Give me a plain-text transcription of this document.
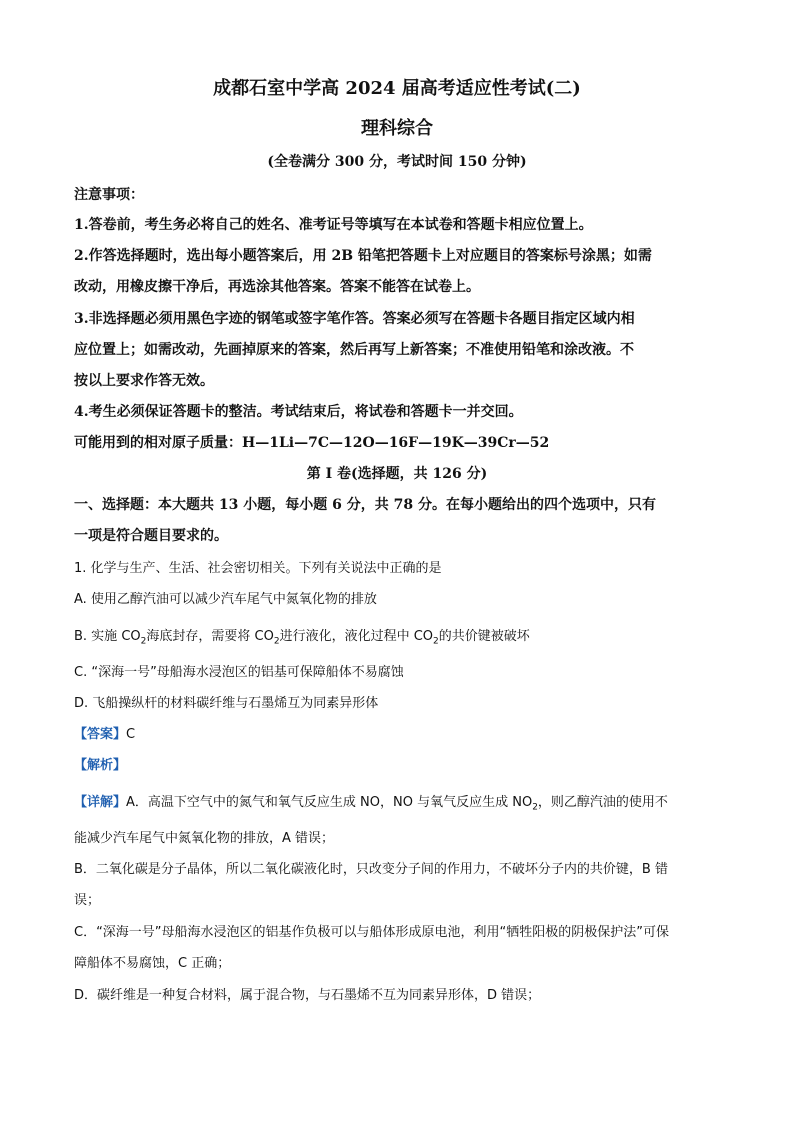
成都石室中学高 2024 届高考适应性考试(二)
理科综合
(全卷满分 300 分，考试时间 150 分钟)
注意事项：
1.答卷前，考生务必将自己的姓名、准考证号等填写在本试卷和答题卡相应位置上。
2.作答选择题时，选出每小题答案后，用 2B 铅笔把答题卡上对应题目的答案标号涂黑；如需
改动，用橡皮擦干净后，再选涂其他答案。答案不能答在试卷上。
3.非选择题必须用黑色字迹的钢笔或签字笔作答。答案必须写在答题卡各题目指定区域内相
应位置上；如需改动，先画掉原来的答案，然后再写上新答案；不准使用铅笔和涂改液。不
按以上要求作答无效。
4.考生必须保证答题卡的整洁。考试结束后，将试卷和答题卡一并交回。
可能用到的相对原子质量：H—1Li—7C—12O—16F—19K—39Cr—52
第 I 卷(选择题，共 126 分)
一、选择题：本大题共 13 小题，每小题 6 分，共 78 分。在每小题给出的四个选项中，只有
一项是符合题目要求的。
1. 化学与生产、生活、社会密切相关。下列有关说法中正确的是
A. 使用乙醇汽油可以减少汽车尾气中氮氧化物的排放
B. 实施 $CO_2$海底封存，需要将 $CO_2$进行液化，液化过程中 $CO_2$的共价键被破坏
C. “深海一号”母船海水浸泡区的铝基可保障船体不易腐蚀
D. 飞船操纵杆的材料碳纤维与石墨烯互为同素异形体
【答案】C
【解析】
【详解】A．高温下空气中的氮气和氧气反应生成 NO，NO 与氧气反应生成 $NO_2$，则乙醇汽油的使用不
能减少汽车尾气中氮氧化物的排放，A 错误；
B．二氧化碳是分子晶体，所以二氧化碳液化时，只改变分子间的作用力，不破坏分子内的共价键，B 错
误；
C．“深海一号”母船海水浸泡区的铝基作负极可以与船体形成原电池，利用“牺牲阳极的阴极保护法”可保
障船体不易腐蚀，C 正确；
D．碳纤维是一种复合材料，属于混合物，与石墨烯不互为同素异形体，D 错误；
